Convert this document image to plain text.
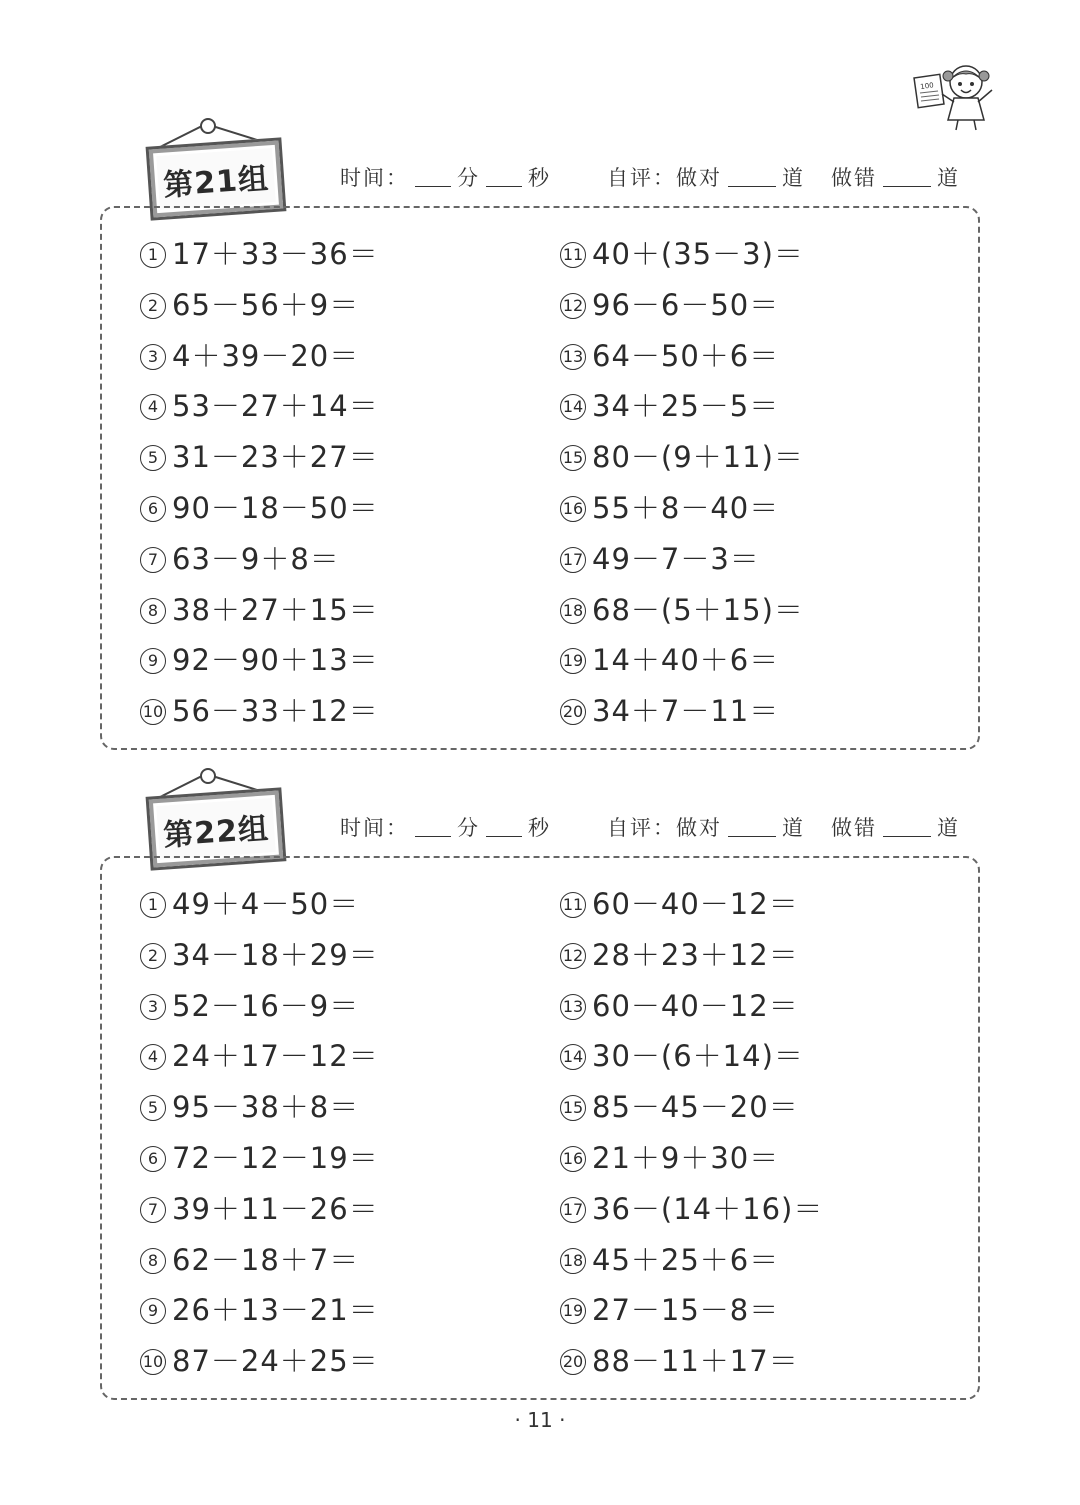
100
第21组	时间： 分 秒	自评：做对	道 做错	道
1 17＋33－36＝
2 65－56＋9＝
3 4＋39－20＝
4 53－27＋14＝
5 31－23＋27＝
6 90－18－50＝
7 63－9＋8＝
8 38＋27＋15＝
9 92－90＋13＝
10 56－33＋12＝
11 40＋(35－3)＝
12 96－6－50＝
13 64－50＋6＝
14 34＋25－5＝
15 80－(9＋11)＝
16 55＋8－40＝
17 49－7－3＝
18 68－(5＋15)＝
19 14＋40＋6＝
20 34＋7－11＝
第22组	时间： 分 秒	自评：做对	道 做错	道
1 49＋4－50＝
2 34－18＋29＝
3 52－16－9＝
4 24＋17－12＝
5 95－38＋8＝
6 72－12－19＝
7 39＋11－26＝
8 62－18＋7＝
9 26＋13－21＝
10 87－24＋25＝
11 60－40－12＝
12 28＋23＋12＝
13 60－40－12＝
14 30－(6＋14)＝
15 85－45－20＝
16 21＋9＋30＝
17 36－(14＋16)＝
18 45＋25＋6＝
19 27－15－8＝
20 88－11＋17＝
· 11 ·
